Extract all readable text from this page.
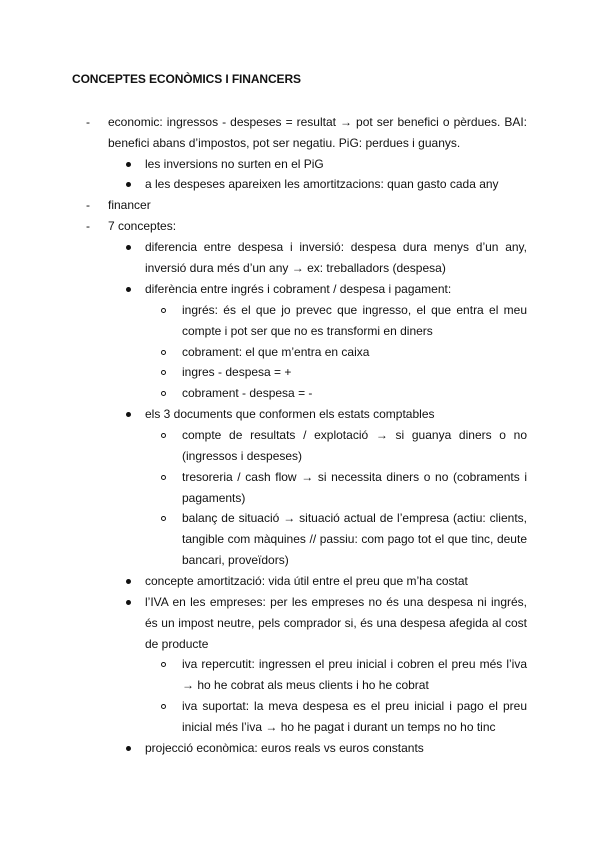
CONCEPTES ECONÒMICS I FINANCERS
economic: ingressos - despeses = resultat → pot ser benefici o pèrdues. BAI: benefici abans d’impostos, pot ser negatiu. PiG: perdues i guanys.
-
les inversions no surten en el PiG
a les despeses apareixen les amortitzacions: quan gasto cada any
financer
-
7 conceptes:
-
diferencia entre despesa i inversió: despesa dura menys d’un any, inversió dura més d’un any → ex: treballadors (despesa)
diferència entre ingrés i cobrament / despesa i pagament:
ingrés: és el que jo prevec que ingresso, el que entra el meu compte i pot ser que no es transformi en diners
cobrament: el que m’entra en caixa
ingres - despesa = +
cobrament - despesa = -
els 3 documents que conformen els estats comptables
compte de resultats / explotació → si guanya diners o no (ingressos i despeses)
tresoreria / cash flow → si necessita diners o no (cobraments i pagaments)
balanç de situació → situació actual de l’empresa (actiu: clients, tangible com màquines // passiu: com pago tot el que tinc, deute bancari, proveïdors)
concepte amortització: vida útil entre el preu que m’ha costat
l’IVA en les empreses: per les empreses no és una despesa ni ingrés, és un impost neutre, pels comprador si, és una despesa afegida al cost de producte
iva repercutit: ingressen el preu inicial i cobren el preu més l’iva → ho he cobrat als meus clients i ho he cobrat
iva suportat: la meva despesa es el preu inicial i pago el preu inicial més l’iva → ho he pagat i durant un temps no ho tinc
projecció econòmica: euros reals vs euros constants
